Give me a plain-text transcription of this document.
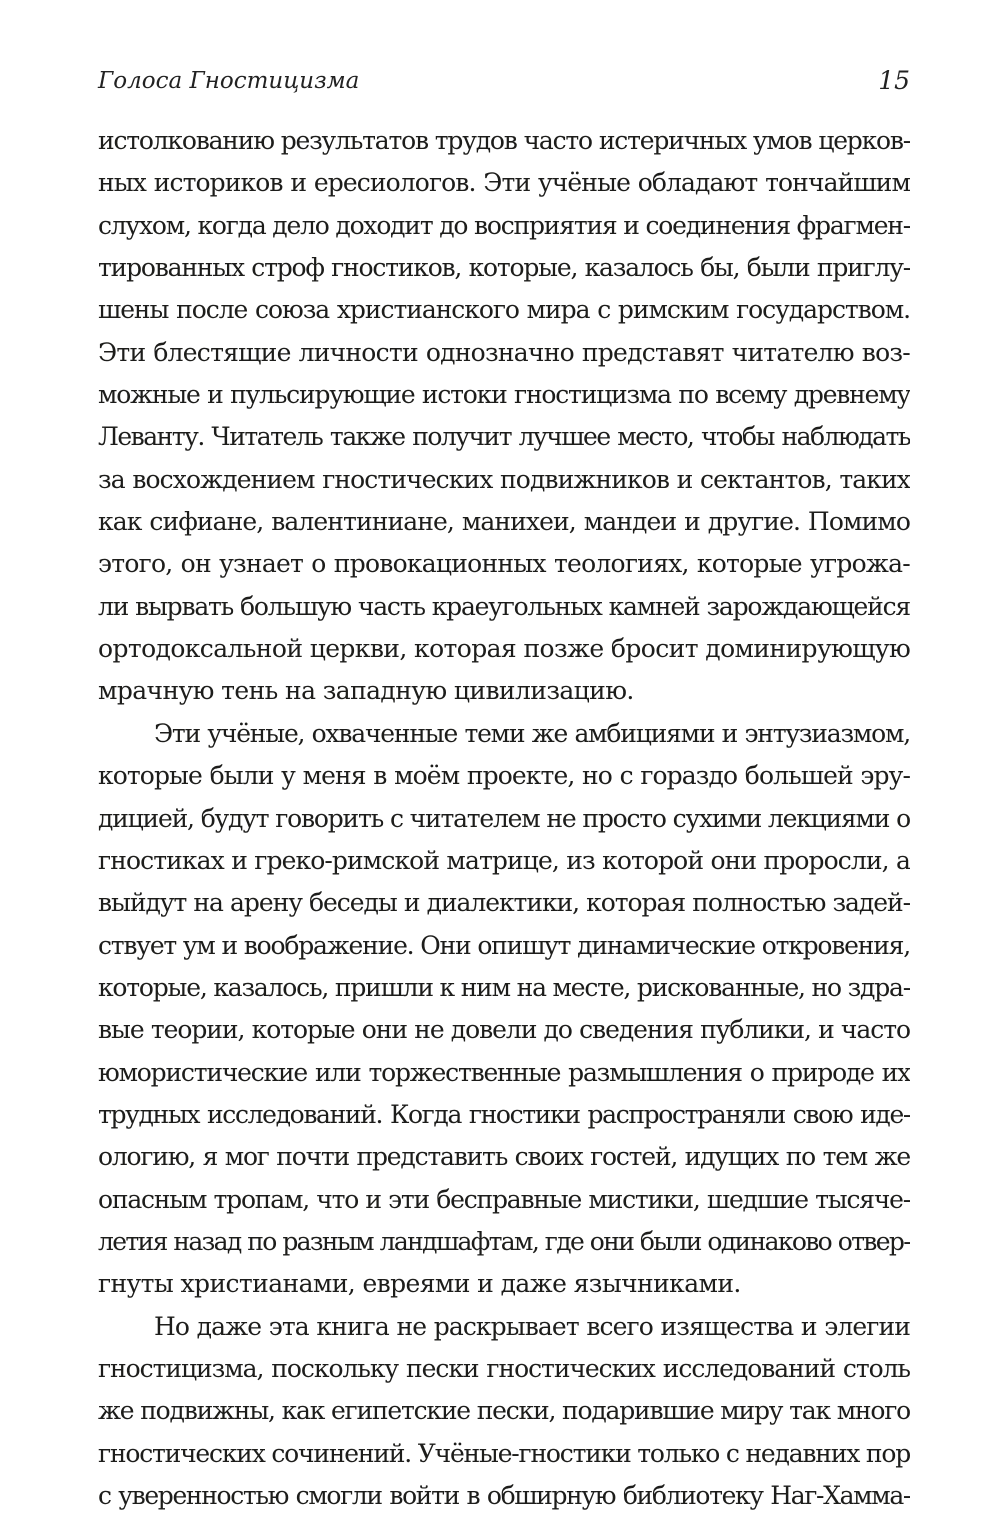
Голоса Гностицизма	15
истолкованию результатов трудов часто истеричных умов церков-
ных историков и ересиологов. Эти учёные обладают тончайшим
слухом, когда дело доходит до восприятия и соединения фрагмен-
тированных строф гностиков, которые, казалось бы, были приглу-
шены после союза христианского мира с римским государством.
Эти блестящие личности однозначно представят читателю воз-
можные и пульсирующие истоки гностицизма по всему древнему
Леванту. Читатель также получит лучшее место, чтобы наблюдать
за восхождением гностических подвижников и сектантов, таких
как сифиане, валентиниане, манихеи, мандеи и другие. Помимо
этого, он узнает о провокационных теологиях, которые угрожа-
ли вырвать большую часть краеугольных камней зарождающейся
ортодоксальной церкви, которая позже бросит доминирующую
мрачную тень на западную цивилизацию.
Эти учёные, охваченные теми же амбициями и энтузиазмом,
которые были у меня в моём проекте, но с гораздо большей эру-
дицией, будут говорить с читателем не просто сухими лекциями о
гностиках и греко-римской матрице, из которой они проросли, а
выйдут на арену беседы и диалектики, которая полностью задей-
ствует ум и воображение. Они опишут динамические откровения,
которые, казалось, пришли к ним на месте, рискованные, но здра-
вые теории, которые они не довели до сведения публики, и часто
юмористические или торжественные размышления о природе их
трудных исследований. Когда гностики распространяли свою иде-
ологию, я мог почти представить своих гостей, идущих по тем же
опасным тропам, что и эти бесправные мистики, шедшие тысяче-
летия назад по разным ландшафтам, где они были одинаково отвер-
гнуты христианами, евреями и даже язычниками.
Но даже эта книга не раскрывает всего изящества и элегии
гностицизма, поскольку пески гностических исследований столь
же подвижны, как египетские пески, подарившие миру так много
гностических сочинений. Учёные-гностики только с недавних пор
с уверенностью смогли войти в обширную библиотеку Наг-Хамма-
